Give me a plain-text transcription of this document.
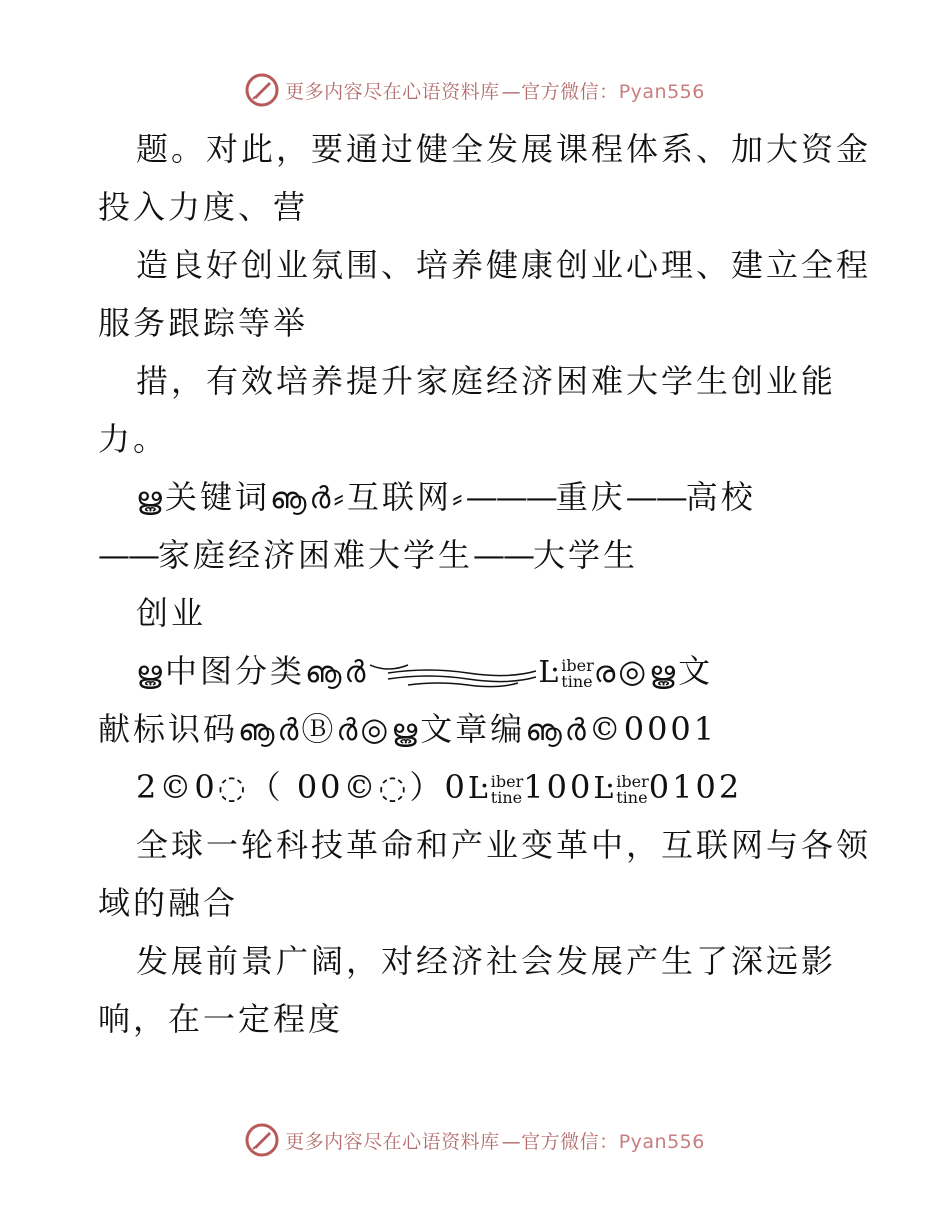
更多内容尽在心语资料库 —官方微信：Pyan556
题。对此，要通过健全发展课程体系、加大资金
投入力度、营
造良好创业氛围、培养健康创业心理、建立全程
服务跟踪等举
措，有效培养提升家庭经济困难大学生创业能
力。
ൠ关键词ൡർ⸗互联网⸗———重庆——高校
——家庭经济困难大学生——大学生
创业
ൠ中图分类ൡർ	Ŀ iber
tine ര◎ൠ文
献标识码ൡർⒷർ◎ൠ文章编ൡർ©0001
2©0◌（ 00©◌）0Ŀ iber
tine 100Ŀ iber
tine 0102
全球一轮科技革命和产业变革中，互联网与各领
域的融合
发展前景广阔，对经济社会发展产生了深远影
响，在一定程度
更多内容尽在心语资料库 —官方微信：Pyan556
